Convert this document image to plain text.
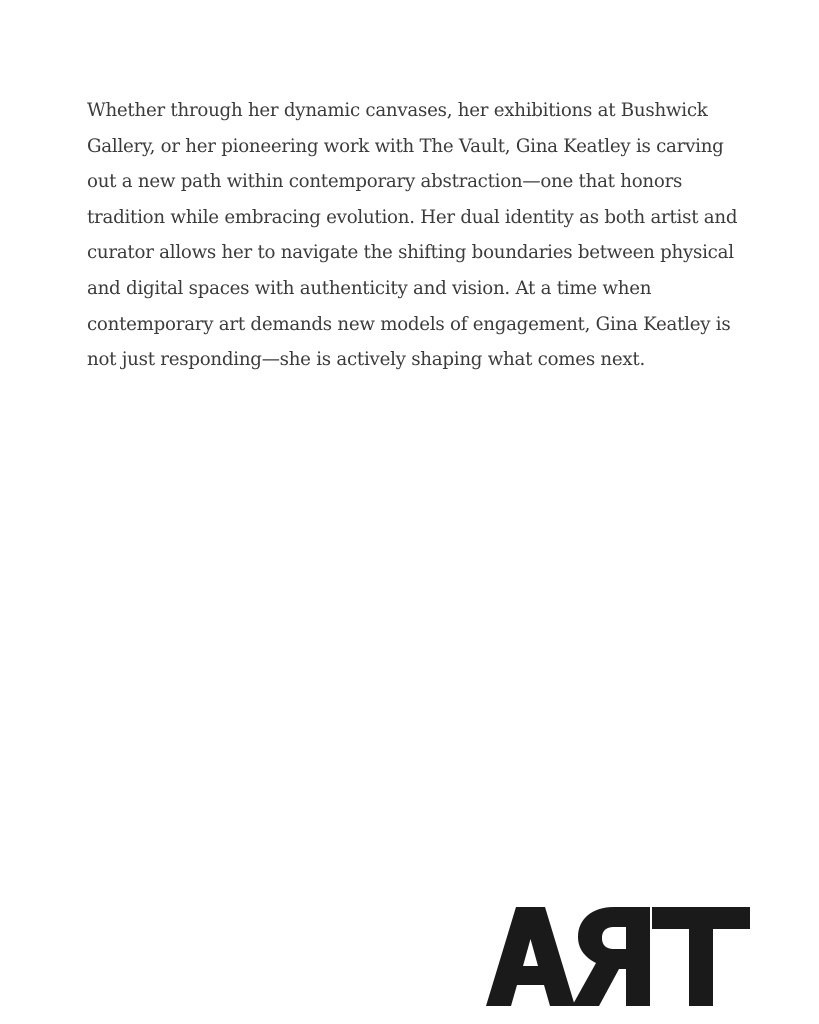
Whether through her dynamic canvases, her exhibitions at Bushwick
Gallery, or her pioneering work with The Vault, Gina Keatley is carving
out a new path within contemporary abstraction—one that honors
tradition while embracing evolution. Her dual identity as both artist and
curator allows her to navigate the shifting boundaries between physical
and digital spaces with authenticity and vision. At a time when
contemporary art demands new models of engagement, Gina Keatley is
not just responding—she is actively shaping what comes next.
